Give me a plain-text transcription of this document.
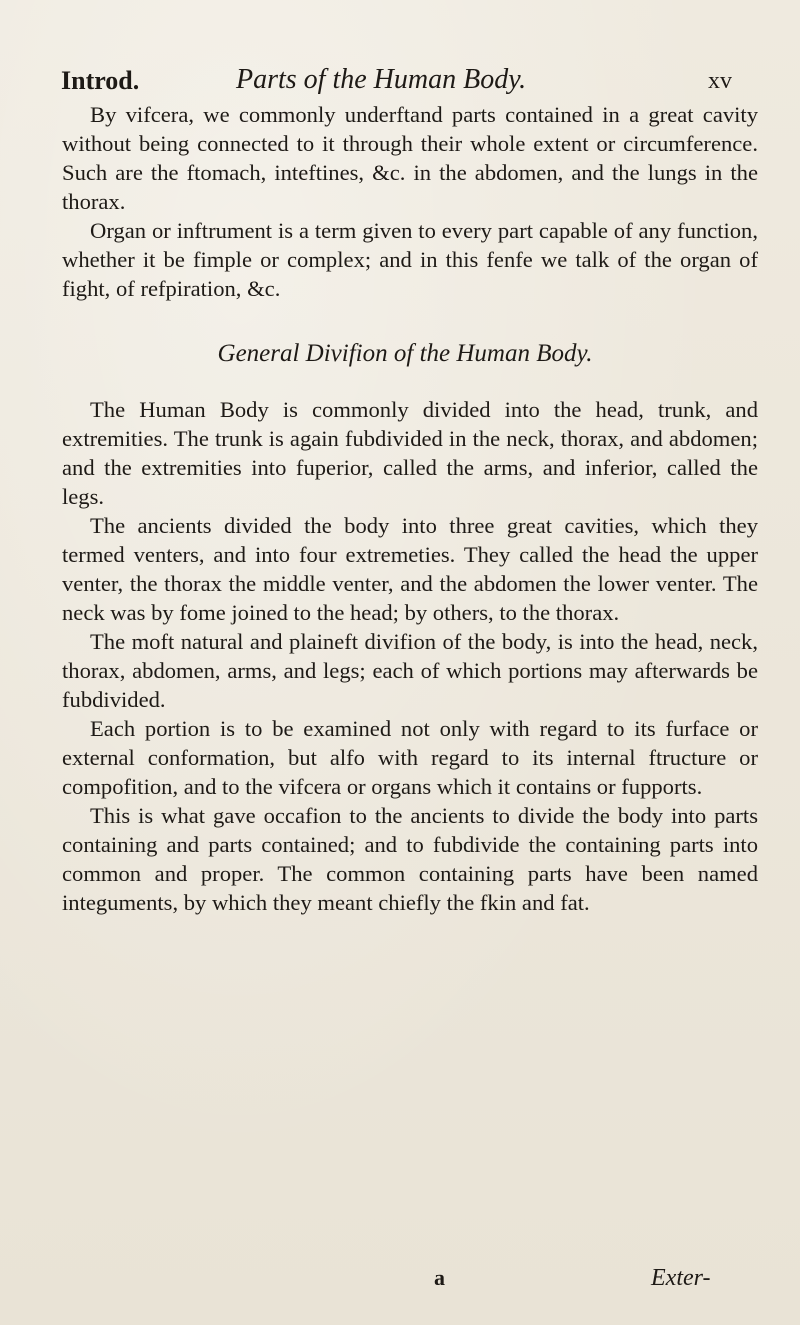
Introd.	Parts of the Human Body.	xv

By vifcera, we commonly underftand parts contained in a great cavity without being connected to it through their whole extent or circumference. Such are the ftomach, inteftines, &c. in the abdomen, and the lungs in the thorax.

Organ or inftrument is a term given to every part capable of any function, whether it be fimple or complex; and in this fenfe we talk of the organ of fight, of refpiration, &c.

General Divifion of the Human Body.

The Human Body is commonly divided into the head, trunk, and extremities. The trunk is again fubdivided in the neck, thorax, and abdomen; and the extremities into fuperior, called the arms, and inferior, called the legs.

The ancients divided the body into three great cavities, which they termed venters, and into four extremeties. They called the head the upper venter, the thorax the middle venter, and the abdomen the lower venter. The neck was by fome joined to the head; by others, to the thorax.

The moft natural and plaineft divifion of the body, is into the head, neck, thorax, abdomen, arms, and legs; each of which portions may afterwards be fubdivided.

Each portion is to be examined not only with regard to its furface or external conformation, but alfo with regard to its internal ftructure or compofition, and to the vifcera or organs which it contains or fupports.

This is what gave occafion to the ancients to divide the body into parts containing and parts contained; and to fubdivide the containing parts into common and proper. The common containing parts have been named integuments, by which they meant chiefly the fkin and fat.

a	Exter-
